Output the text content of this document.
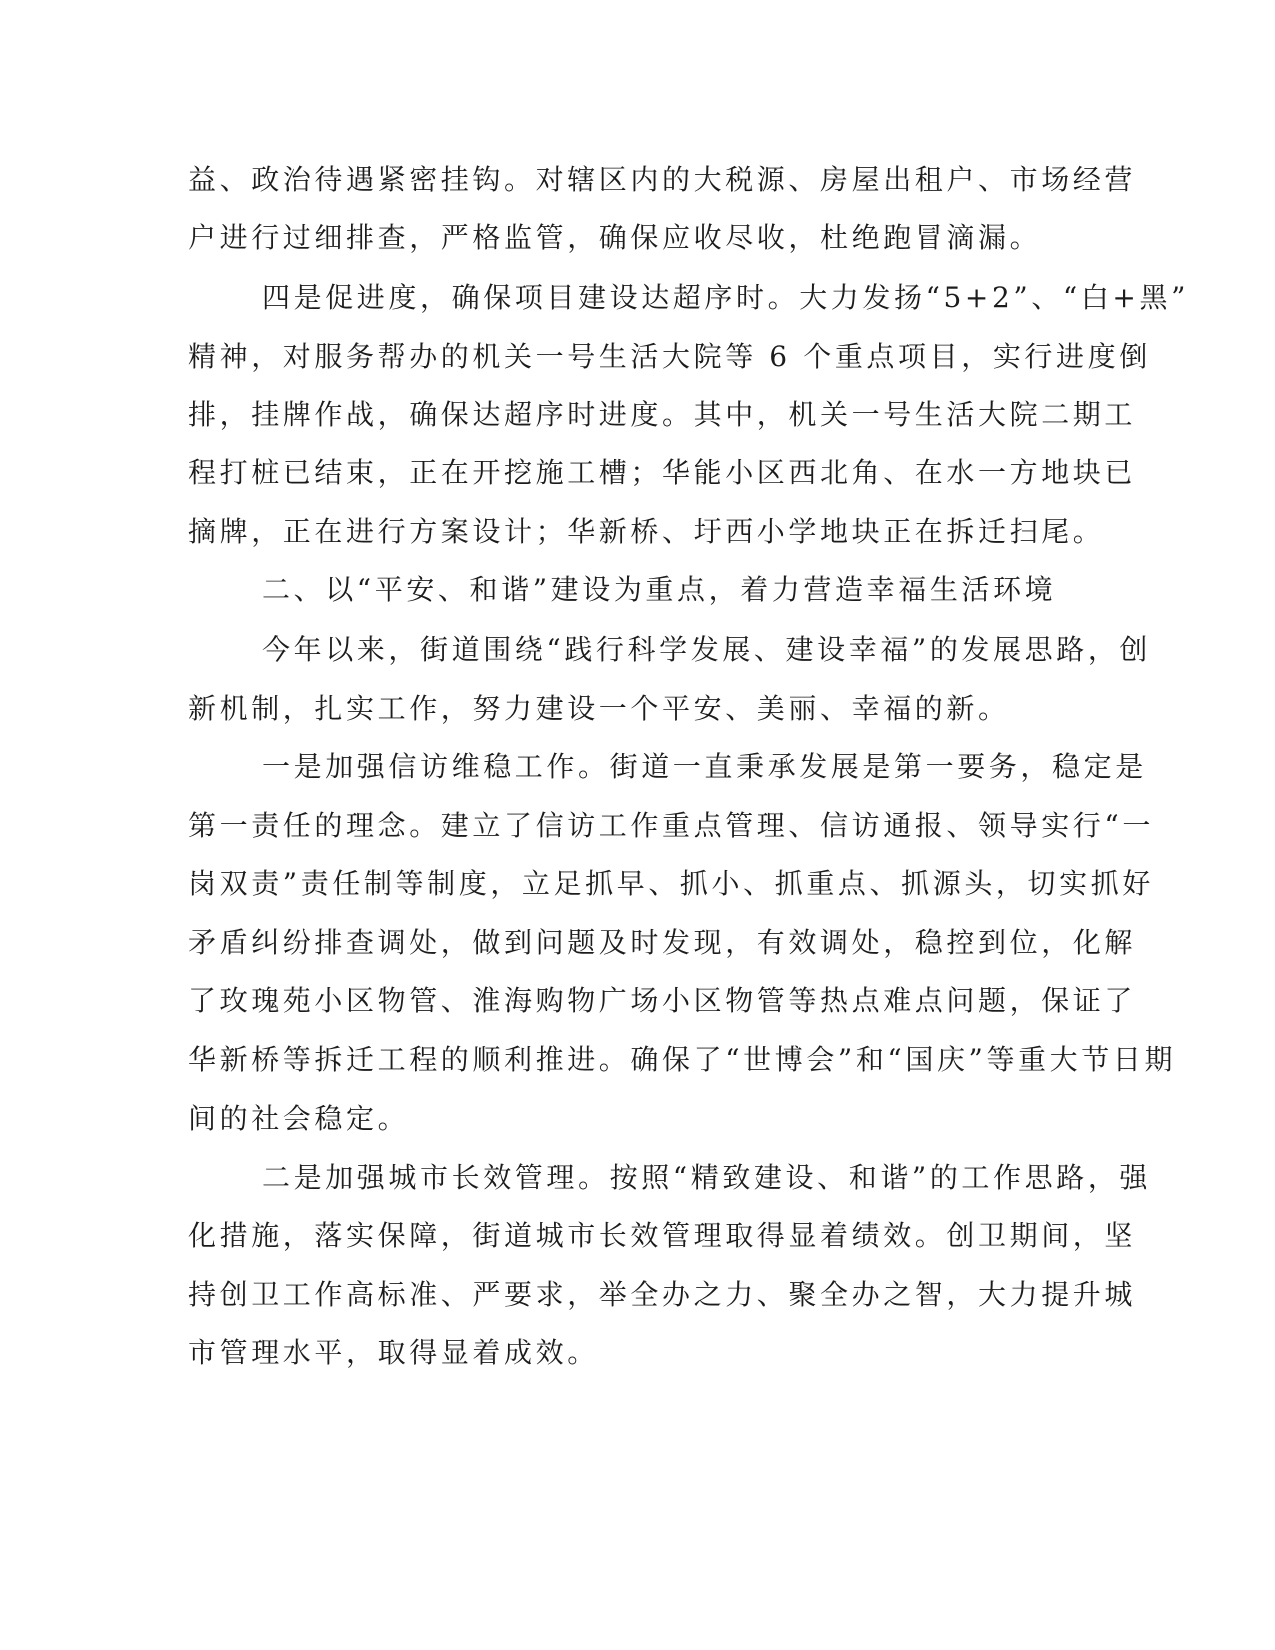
益、政治待遇紧密挂钩。对辖区内的大税源、房屋出租户、市场经营
户进行过细排查，严格监管，确保应收尽收，杜绝跑冒滴漏。
四是促进度，确保项目建设达超序时。大力发扬“5+2”、“白+黑”
精神，对服务帮办的机关一号生活大院等 6 个重点项目，实行进度倒
排，挂牌作战，确保达超序时进度。其中，机关一号生活大院二期工
程打桩已结束，正在开挖施工槽；华能小区西北角、在水一方地块已
摘牌，正在进行方案设计；华新桥、圩西小学地块正在拆迁扫尾。
二、以“平安、和谐”建设为重点，着力营造幸福生活环境
今年以来，街道围绕“践行科学发展、建设幸福”的发展思路，创
新机制，扎实工作，努力建设一个平安、美丽、幸福的新。
一是加强信访维稳工作。街道一直秉承发展是第一要务，稳定是
第一责任的理念。建立了信访工作重点管理、信访通报、领导实行“一
岗双责”责任制等制度，立足抓早、抓小、抓重点、抓源头，切实抓好
矛盾纠纷排查调处，做到问题及时发现，有效调处，稳控到位，化解
了玫瑰苑小区物管、淮海购物广场小区物管等热点难点问题，保证了
华新桥等拆迁工程的顺利推进。确保了“世博会”和“国庆”等重大节日期
间的社会稳定。
二是加强城市长效管理。按照“精致建设、和谐”的工作思路，强
化措施，落实保障，街道城市长效管理取得显着绩效。创卫期间，坚
持创卫工作高标准、严要求，举全办之力、聚全办之智，大力提升城
市管理水平，取得显着成效。
